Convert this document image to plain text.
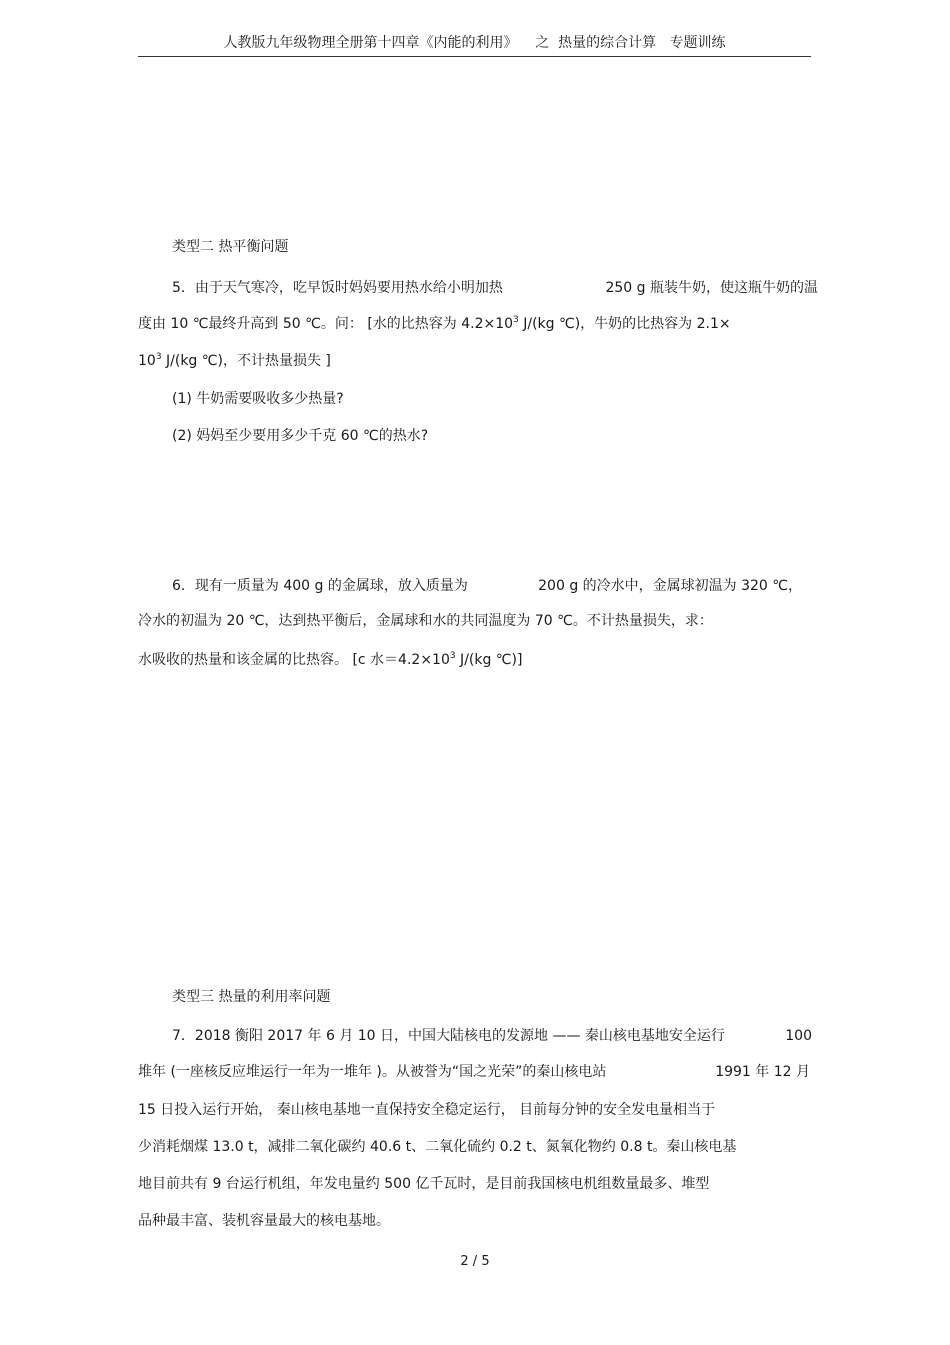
人教版九年级物理全册第十四章《内能的利用》    之  热量的综合计算   专题训练
类型二 热平衡问题
5．由于天气寒冷，吃早饭时妈妈要用热水给小明加热	250 g 瓶装牛奶，使这瓶牛奶的温
度由 10 ℃最终升高到 50 ℃。问： [水的比热容为 $4.2\times 10^3$ J/(kg ℃)，牛奶的比热容为 2.1×
$10^3$ J/(kg ℃)，不计热量损失 ]
(1) 牛奶需要吸收多少热量?
(2) 妈妈至少要用多少千克 60 ℃的热水?
6．现有一质量为 400 g 的金属球，放入质量为	200 g 的冷水中，金属球初温为 320 ℃，
冷水的初温为 20 ℃，达到热平衡后，金属球和水的共同温度为 70 ℃。不计热量损失，求：
水吸收的热量和该金属的比热容。 [c 水$=4.2\times 10^3$ J/(kg ℃)]
类型三 热量的利用率问题
7．2018 衡阳 2017 年 6 月 10 日，中国大陆核电的发源地 —— 秦山核电基地安全运行	100
堆年 (一座核反应堆运行一年为一堆年 )。从被誉为“国之光荣”的秦山核电站	1991 年 12 月
15 日投入运行开始， 秦山核电基地一直保持安全稳定运行， 目前每分钟的安全发电量相当于
少消耗烟煤 13.0 t，减排二氧化碳约 40.6 t、二氧化硫约 0.2 t、氮氧化物约 0.8 t。秦山核电基
地目前共有 9 台运行机组，年发电量约 500 亿千瓦时，是目前我国核电机组数量最多、堆型
品种最丰富、装机容量最大的核电基地。
2 / 5
